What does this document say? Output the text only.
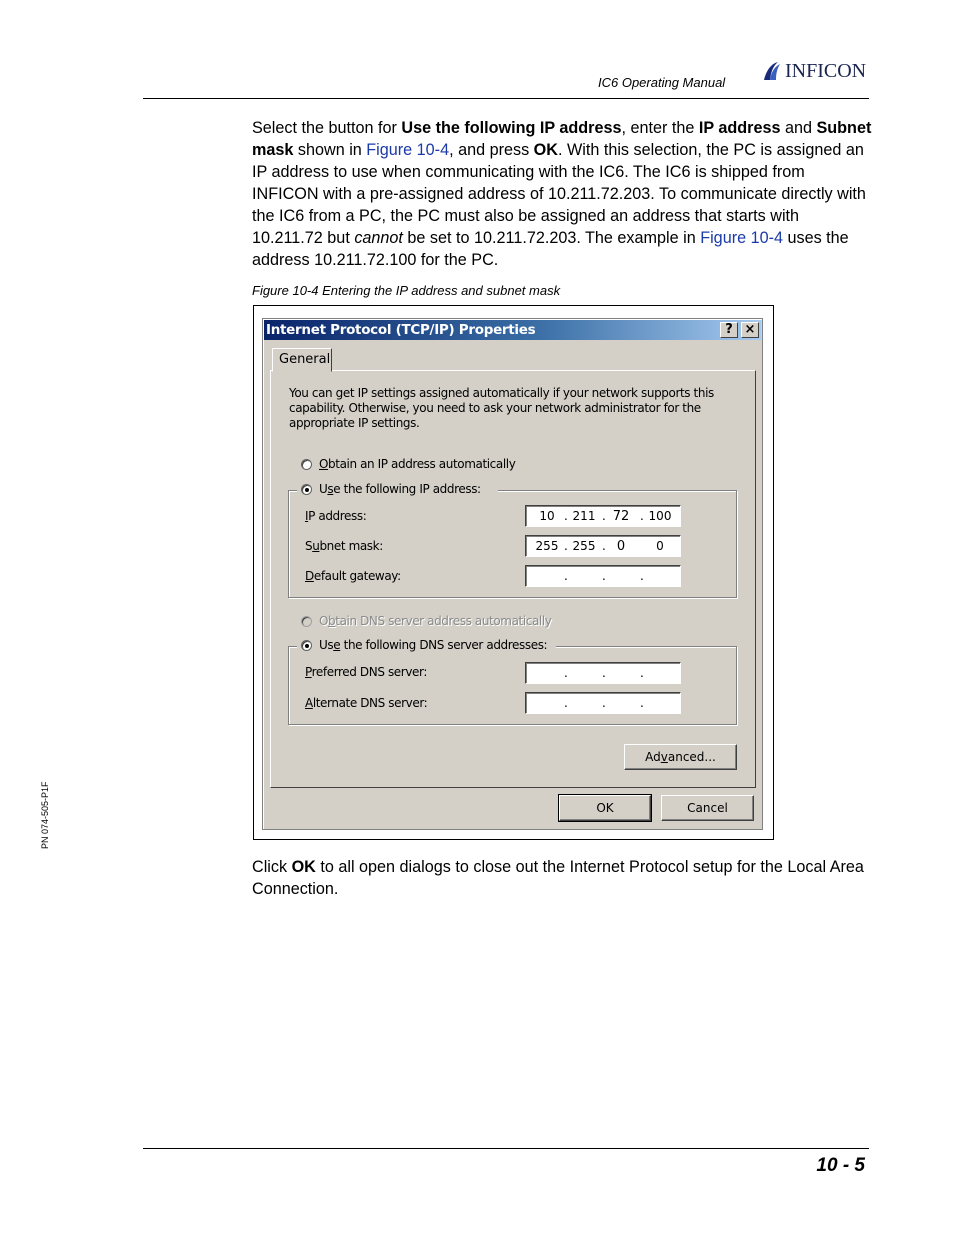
IC6 Operating Manual
INFICON
PN 074-505-P1F
Select the button for Use the following IP address, enter the IP address and Subnet mask shown in Figure 10-4, and press OK. With this selection, the PC is assigned an IP address to use when communicating with the IC6. The IC6 is shipped from INFICON with a pre-assigned address of 10.211.72.203. To communicate directly with the IC6 from a PC, the PC must also be assigned an address that starts with 10.211.72 but cannot be set to 10.211.72.203. The example in Figure 10-4 uses the address 10.211.72.100 for the PC.
Figure 10-4 Entering the IP address and subnet mask
Internet Protocol (TCP/IP) Properties	? ×
General
You can get IP settings assigned automatically if your network supports this
capability. Otherwise, you need to ask your network administrator for the
appropriate IP settings.
Obtain an IP address automatically
Use the following IP address:
IP address:	10 . 211 . 72 . 100
Subnet mask:	255 . 255 . 0	0
Default gateway:	.	.	.
Obtain DNS server address automatically
Use the following DNS server addresses:
Preferred DNS server:	.	.	.
Alternate DNS server:	.	.	.
Advanced...
OK	Cancel
Click OK to all open dialogs to close out the Internet Protocol setup for the Local Area Connection.
10 - 5
